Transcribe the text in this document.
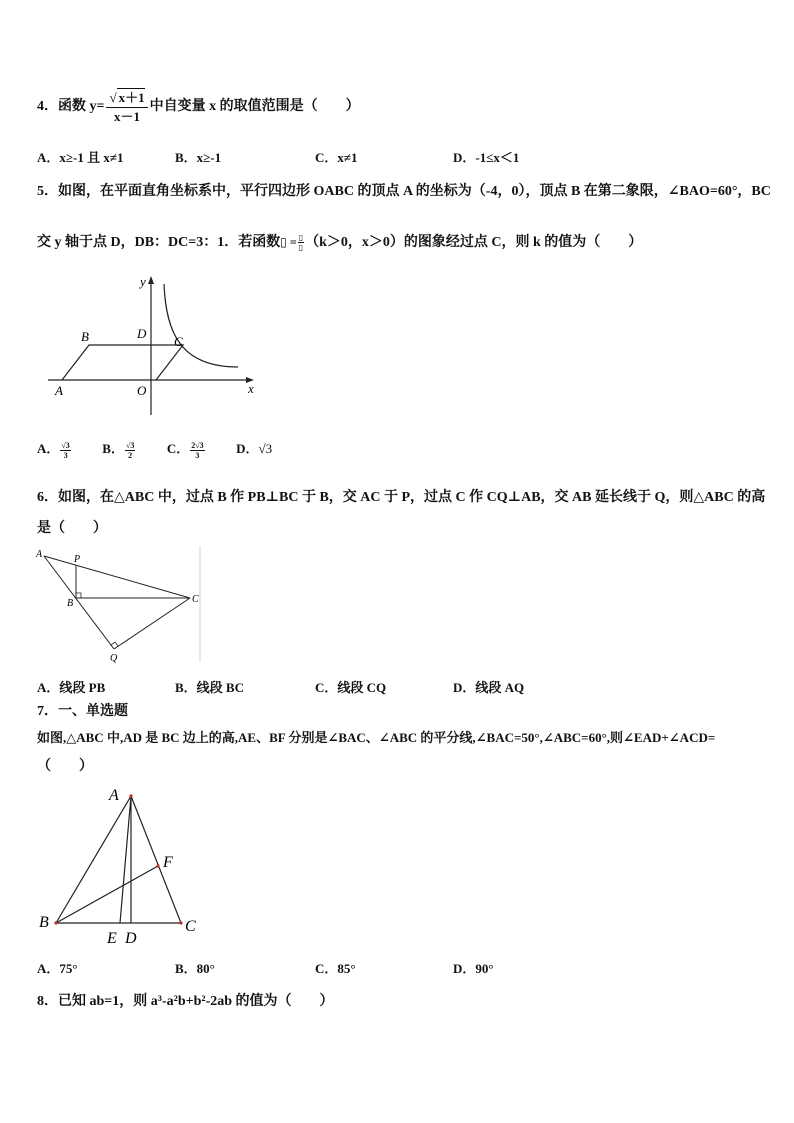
4．函数 $y= \frac{√ x+1}{x-1}$ 中自变量 x 的取值范围是（　　）
A．x≥-1 且 x≠1	B．x≥-1	C．x≠1	D．-1≤x＜1
5．如图，在平面直角坐标系中，平行四边形 OABC 的顶点 A 的坐标为（-4，0），顶点 B 在第二象限，∠BAO=60°，BC
交 y 轴于点 D，DB：DC=3：1．若函数▯ = $\frac{▯}{▯} (k>0$，x＞0）的图象经过点 C，则 k 的值为（　　）
y
x
B	D
C
A	O
A． $\frac{√3}{3}$ B． $\frac{√3}{2}$ C． $\frac{2√3}{3}$ D．√3
6．如图，在△ABC 中，过点 B 作 PB⊥BC 于 B，交 AC 于 P，过点 C 作 CQ⊥AB，交 AB 延长线于 Q，则△ABC 的高
是（　　）
A	P
B	C
Q
A．线段 PB	B．线段 BC	C．线段 CQ	D．线段 AQ
7．一、单选题
如图,△ABC 中,AD 是 BC 边上的高,AE、BF 分别是∠BAC、∠ABC 的平分线,∠BAC=50°,∠ABC=60°,则∠EAD+∠ACD=
（　　）
A
F
B	C
E D
A．75°	B．80°	C．85°	D．90°
8．已知 ab=1，则 a³-a²b+b²-2ab 的值为（　　）
